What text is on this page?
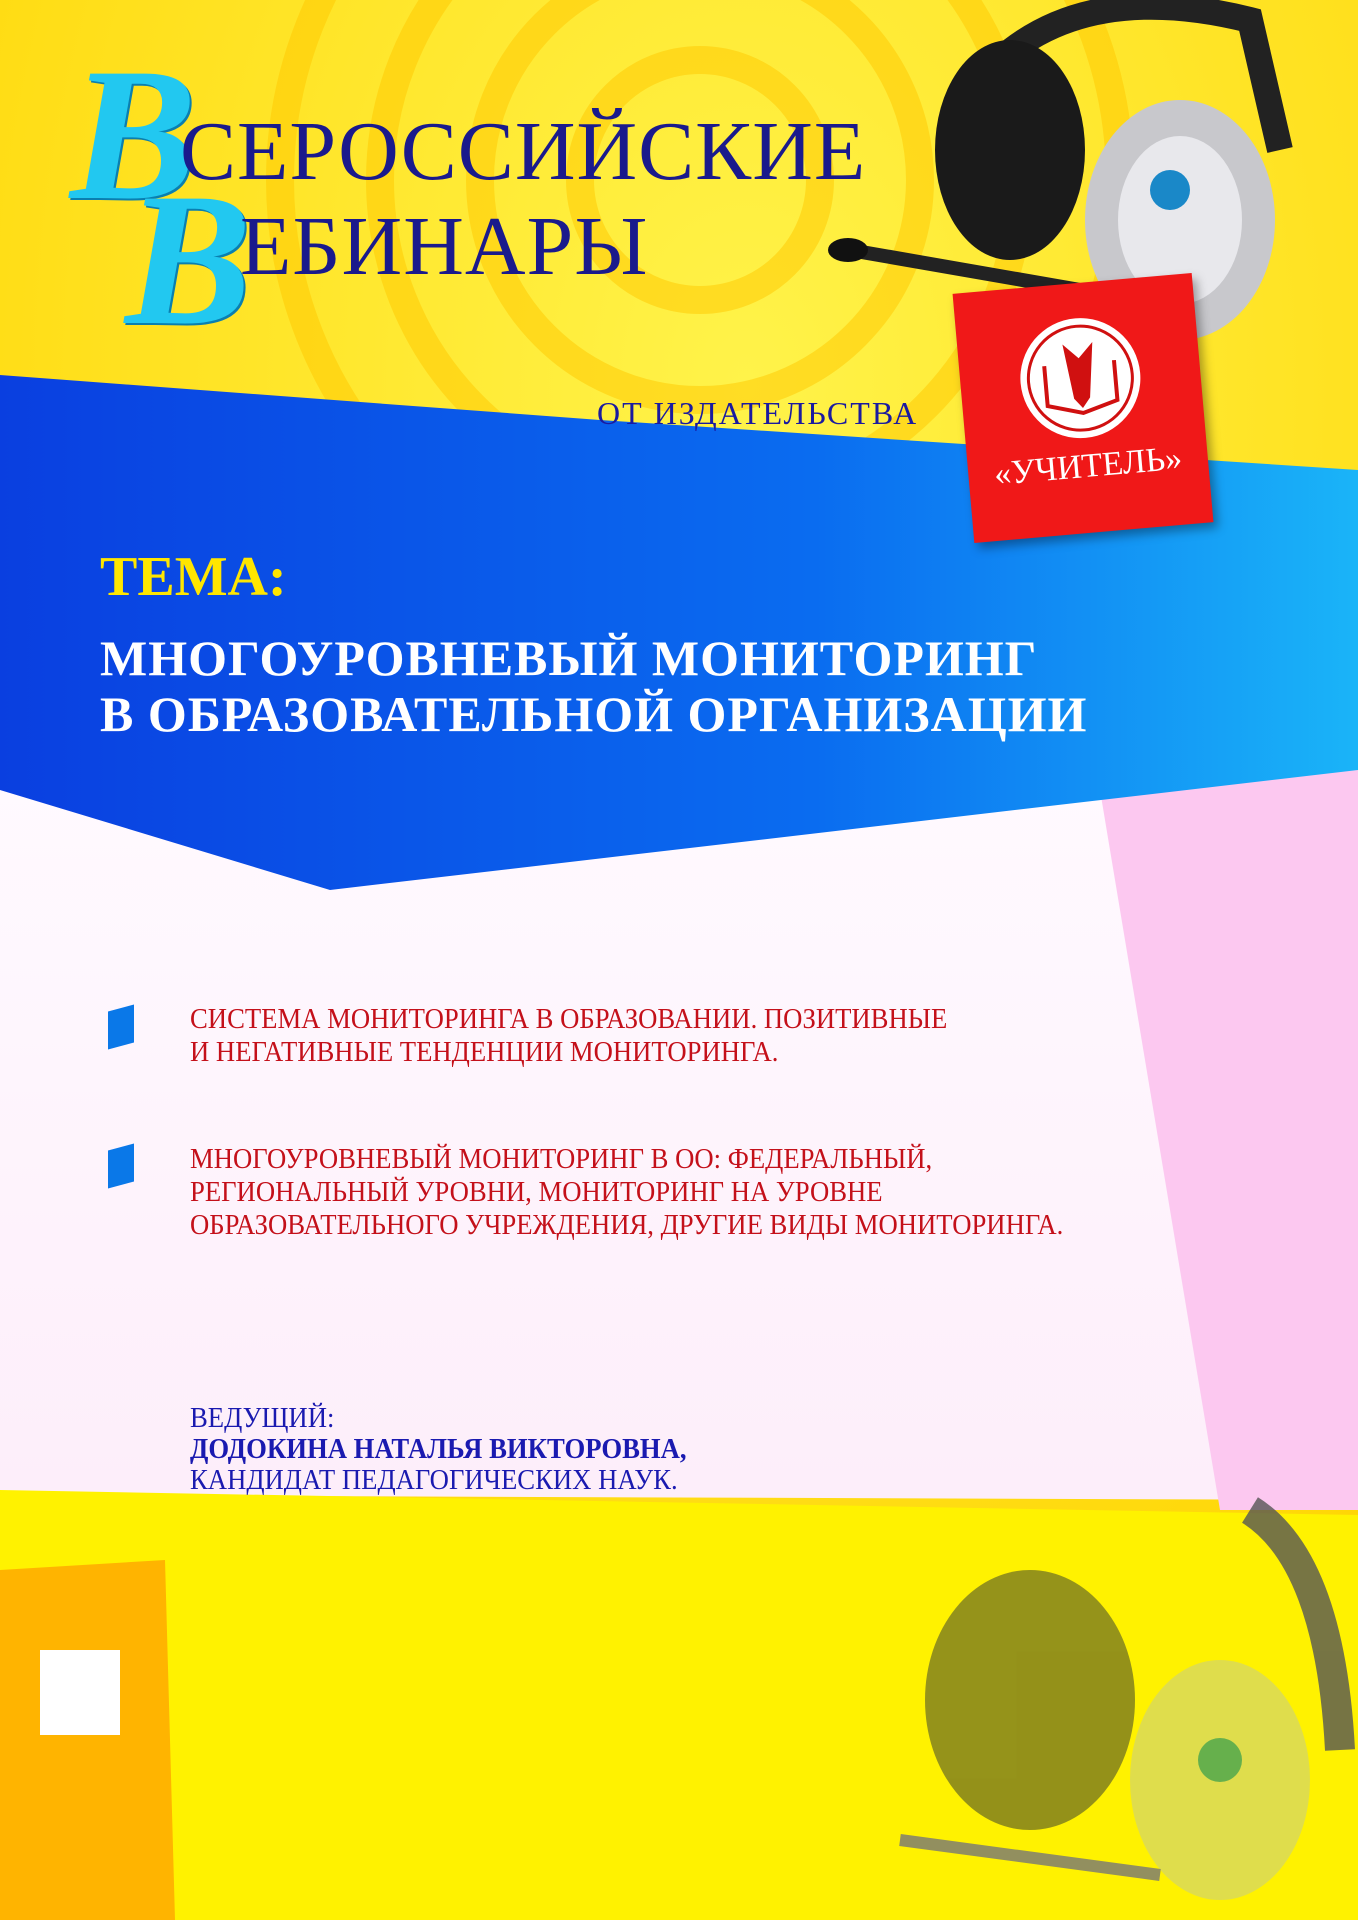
В
СЕРОССИЙСКИЕ
В
ЕБИНАРЫ
ОТ ИЗДАТЕЛЬСТВА
«УЧИТЕЛЬ»
ТЕМА:
МНОГОУРОВНЕВЫЙ МОНИТОРИНГ
В ОБРАЗОВАТЕЛЬНОЙ ОРГАНИЗАЦИИ
СИСТЕМА МОНИТОРИНГА В ОБРАЗОВАНИИ. ПОЗИТИВНЫЕ
И НЕГАТИВНЫЕ ТЕНДЕНЦИИ МОНИТОРИНГА.
МНОГОУРОВНЕВЫЙ МОНИТОРИНГ В ОО: ФЕДЕРАЛЬНЫЙ,
РЕГИОНАЛЬНЫЙ УРОВНИ, МОНИТОРИНГ НА УРОВНЕ
ОБРАЗОВАТЕЛЬНОГО УЧРЕЖДЕНИЯ, ДРУГИЕ ВИДЫ МОНИТОРИНГА.
ВЕДУЩИЙ:
ДОДОКИНА НАТАЛЬЯ ВИКТОРОВНА,
КАНДИДАТ ПЕДАГОГИЧЕСКИХ НАУК.
